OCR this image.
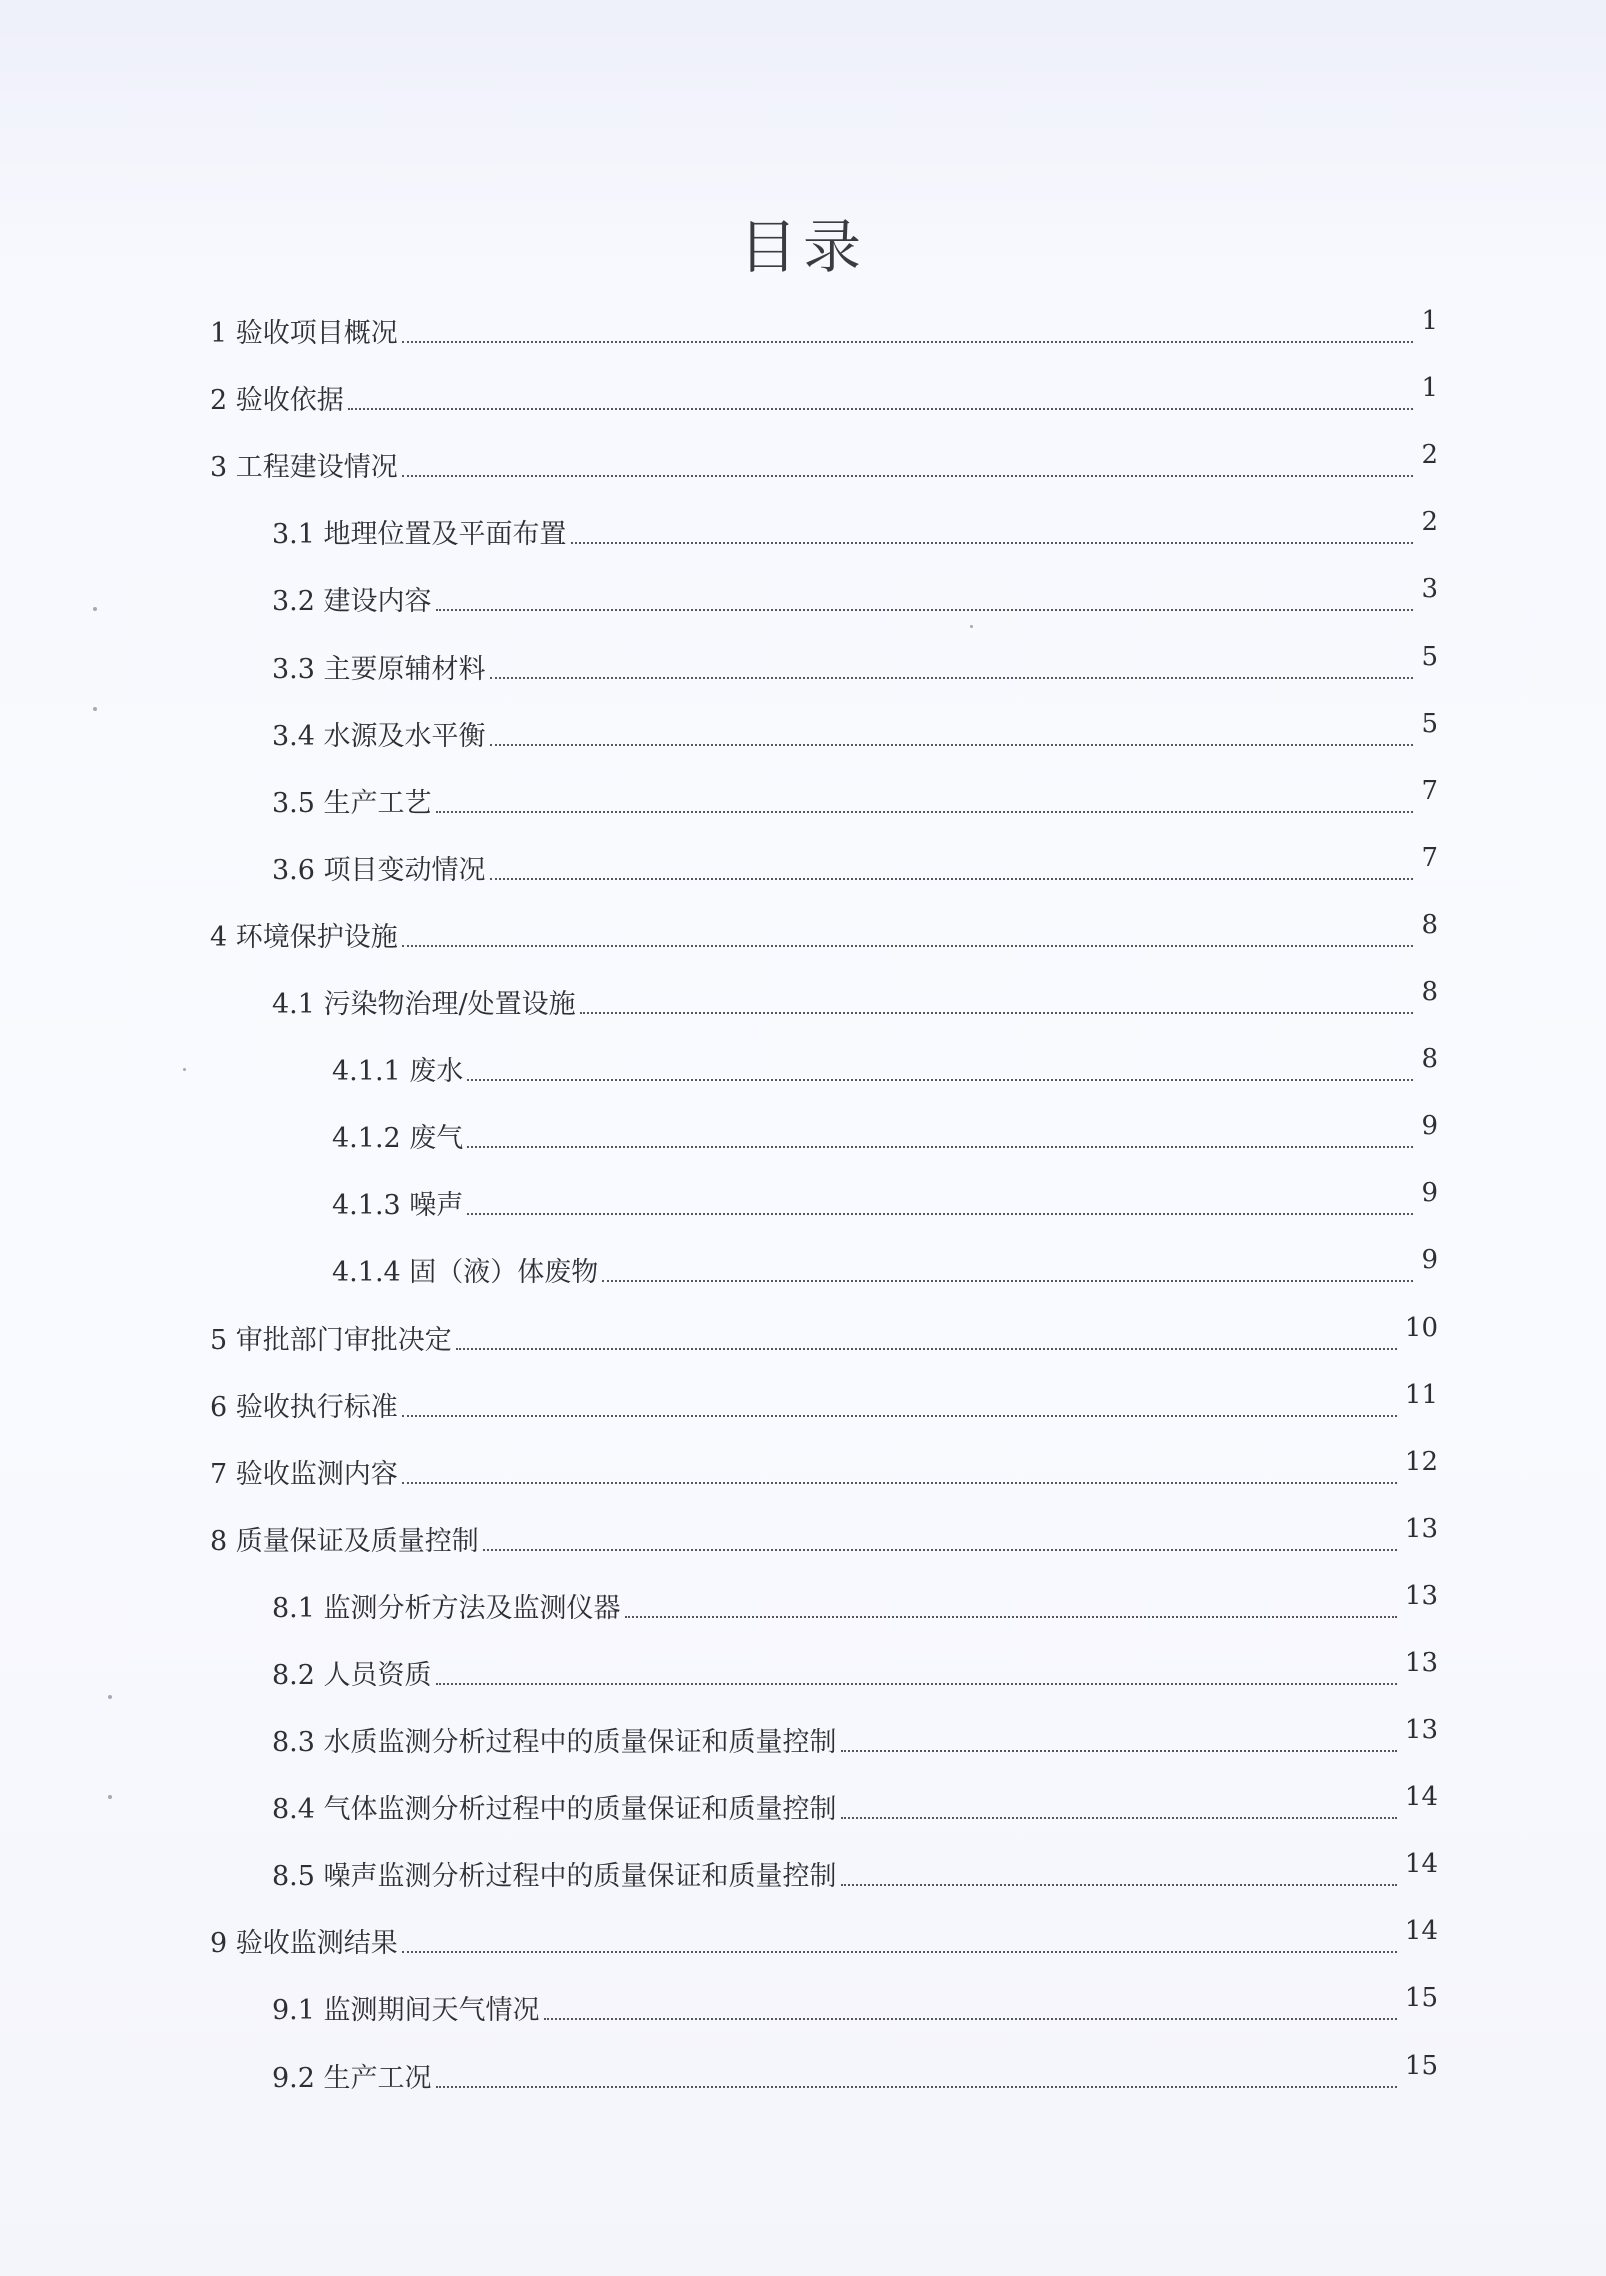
目录
1 验收项目概况	1
2 验收依据	1
3 工程建设情况	2
3.1 地理位置及平面布置	2
3.2 建设内容	3
3.3 主要原辅材料	5
3.4 水源及水平衡	5
3.5 生产工艺	7
3.6 项目变动情况	7
4 环境保护设施	8
4.1 污染物治理/处置设施	8
4.1.1 废水	8
4.1.2 废气	9
4.1.3 噪声	9
4.1.4 固（液）体废物	9
5 审批部门审批决定	10
6 验收执行标准	11
7 验收监测内容	12
8 质量保证及质量控制	13
8.1 监测分析方法及监测仪器	13
8.2 人员资质	13
8.3 水质监测分析过程中的质量保证和质量控制	13
8.4 气体监测分析过程中的质量保证和质量控制	14
8.5 噪声监测分析过程中的质量保证和质量控制	14
9 验收监测结果	14
9.1 监测期间天气情况	15
9.2 生产工况	15
